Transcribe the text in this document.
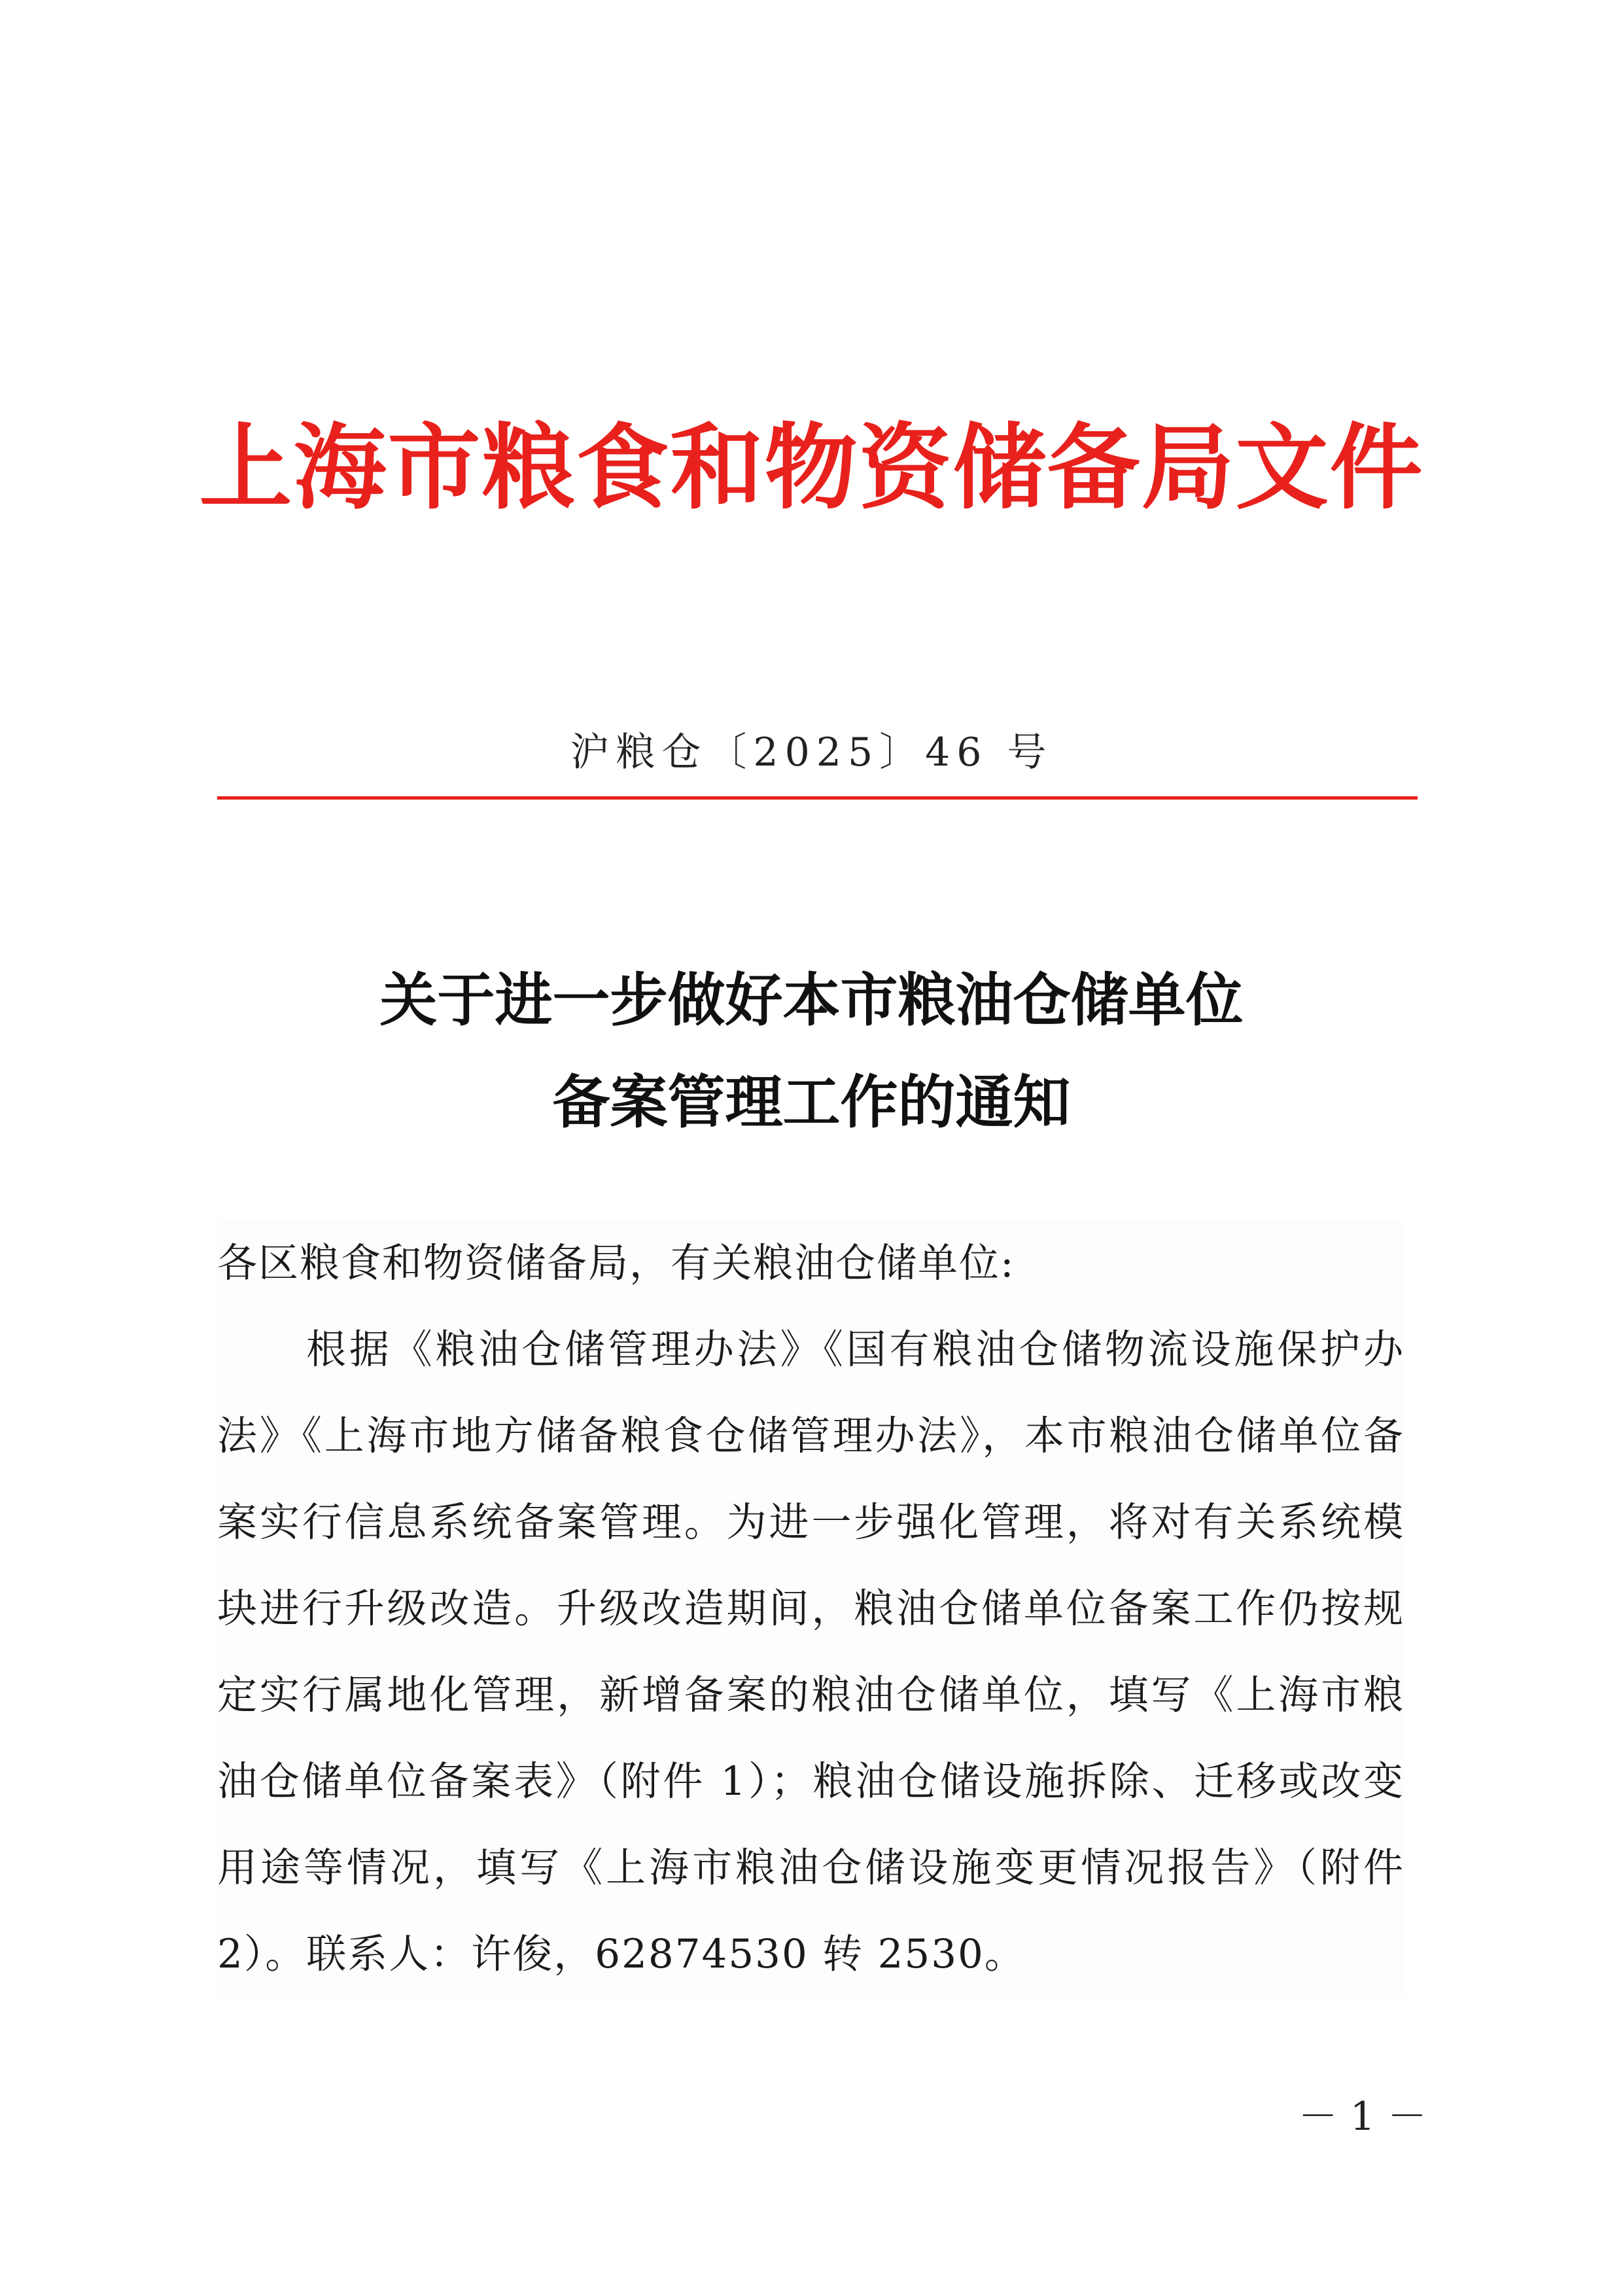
上海市粮食和物资储备局文件
沪粮仓〔2025〕46 号
关于进一步做好本市粮油仓储单位
备案管理工作的通知

各区粮食和物资储备局，有关粮油仓储单位:

根据《粮油仓储管理办法》《国有粮油仓储物流设施保护办法》《上海市地方储备粮食仓储管理办法》，本市粮油仓储单位备案实行信息系统备案管理。为进一步强化管理，将对有关系统模块进行升级改造。升级改造期间，粮油仓储单位备案工作仍按规定实行属地化管理，新增备案的粮油仓储单位，填写《上海市粮油仓储单位备案表》（附件 1）；粮油仓储设施拆除、迁移或改变用途等情况，填写《上海市粮油仓储设施变更情况报告》（附件 2）。联系人：许俊，62874530 转 2530。

－ 1 －
